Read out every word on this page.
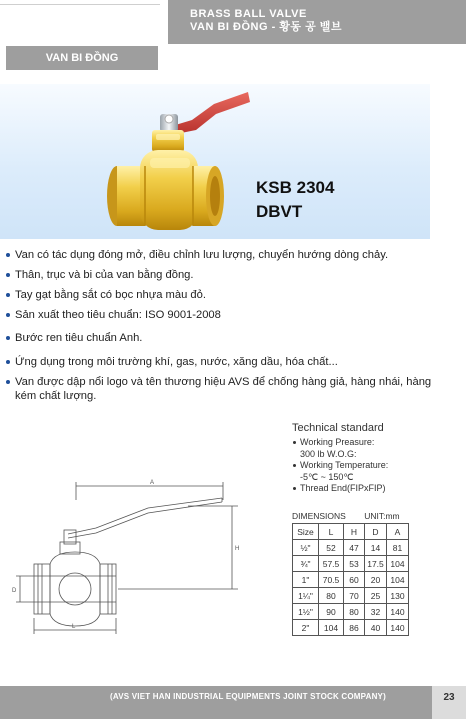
BRASS BALL VALVE
VAN BI ĐỒNG - 황동 공 밸브
VAN BI ĐỒNG
KSB 2304
DBVT
Van có tác dụng đóng mở, điều chỉnh lưu lượng, chuyển hướng dòng chảy.
Thân, trục và bi của van bằng đồng.
Tay gạt bằng sắt có bọc nhựa màu đỏ.
Sản xuất theo tiêu chuẩn: ISO 9001-2008
Bước ren tiêu chuẩn Anh.
Ứng dụng trong môi trường khí, gas, nước, xăng dầu, hóa chất...
Van được dập nổi logo và tên thương hiệu AVS để chống hàng giả, hàng nhái, hàng kém chất lượng.
A
H
D
L
Technical standard
Working Preasure:
300 lb W.O.G:
Working Temperature:
-5℃ ~ 150℃
Thread End(FIPxFIP)
DIMENSIONS UNIT:mm
Size	L	H	D	A
½"	52	47	14	81
¾"	57.5	53	17.5	104
1"	70.5	60	20	104
1¼"	80	70	25	130
1½"	90	80	32	140
2"	104	86	40	140
(AVS VIET HAN INDUSTRIAL EQUIPMENTS JOINT STOCK COMPANY)	23
